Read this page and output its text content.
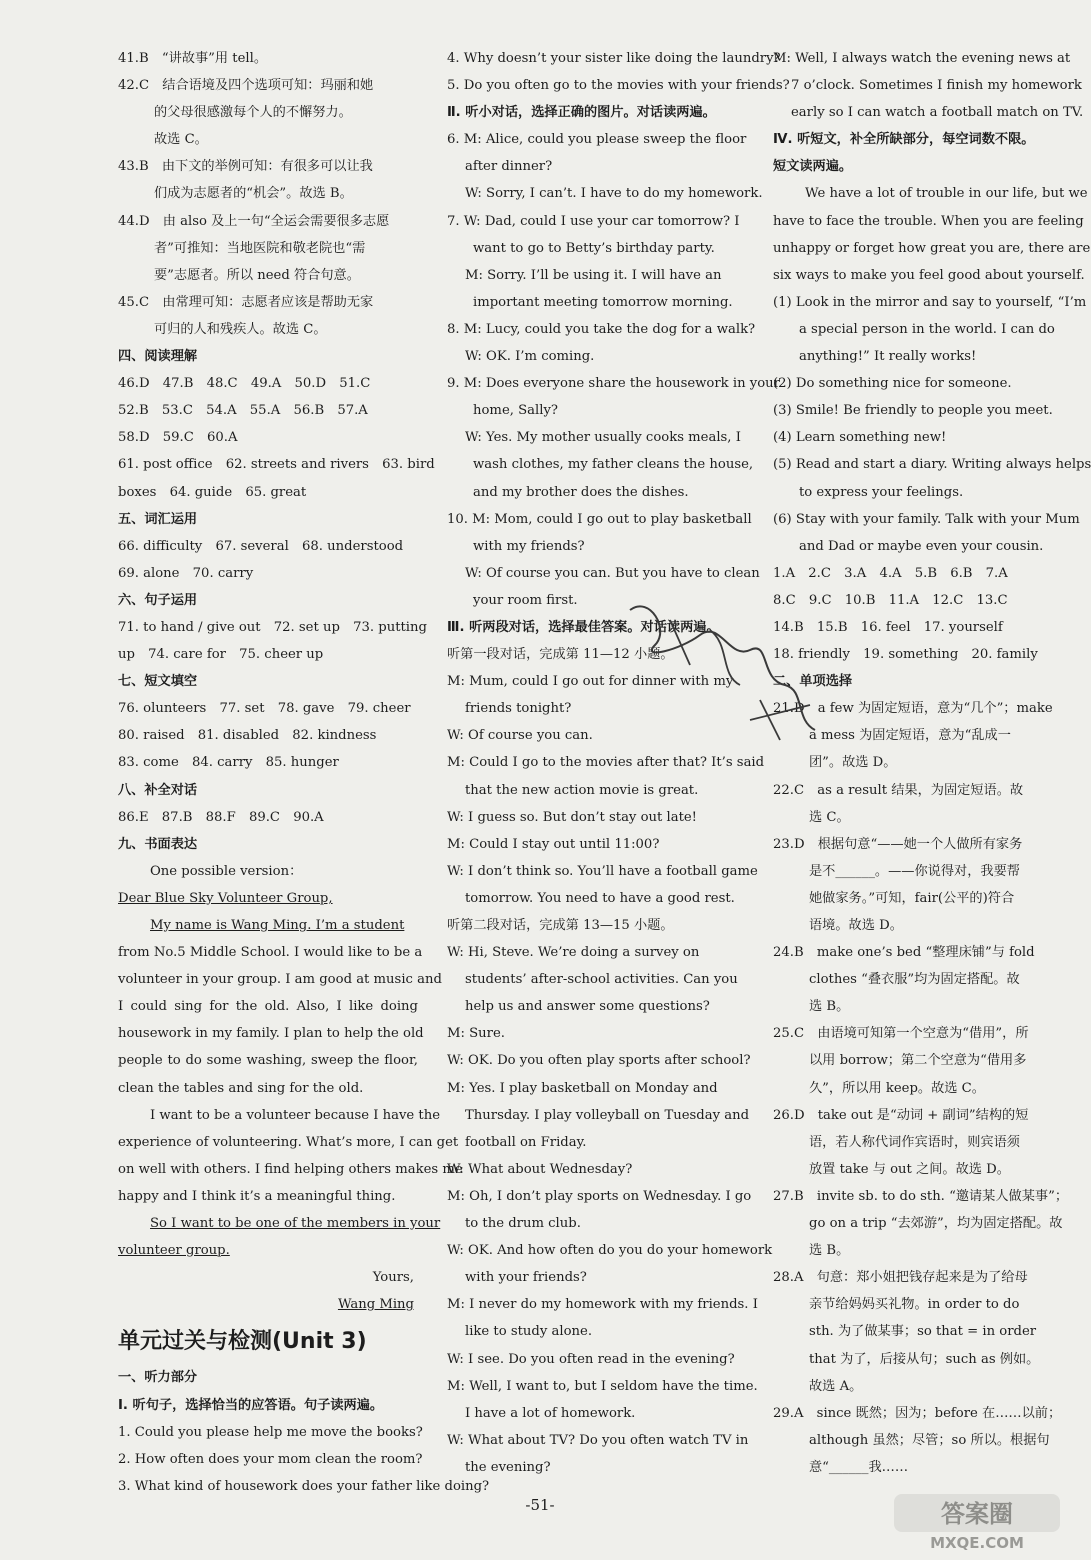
41.B　“讲故事”用 tell。
42.C　结合语境及四个选项可知：玛丽和她
的父母很感激每个人的不懈努力。
故选 C。
43.B　由下文的举例可知：有很多可以让我
们成为志愿者的“机会”。故选 B。
44.D　由 also 及上一句“全运会需要很多志愿
者”可推知：当地医院和敬老院也“需
要”志愿者。所以 need 符合句意。
45.C　由常理可知：志愿者应该是帮助无家
可归的人和残疾人。故选 C。
四、阅读理解
46.D　47.B　48.C　49.A　50.D　51.C
52.B　53.C　54.A　55.A　56.B　57.A
58.D　59.C　60.A
61. post office　62. streets and rivers　63. bird
boxes　64. guide　65. great
五、词汇运用
66. difficulty　67. several　68. understood
69. alone　70. carry
六、句子运用
71. to hand / give out　72. set up　73. putting
up　74. care for　75. cheer up
七、短文填空
76. olunteers　77. set　78. gave　79. cheer
80. raised　81. disabled　82. kindness
83. come　84. carry　85. hunger
八、补全对话
86.E　87.B　88.F　89.C　90.A
九、书面表达
One possible version：
Dear Blue Sky Volunteer Group,
My name is Wang Ming. I’m a student
from No.5 Middle School. I would like to be a
volunteer in your group. I am good at music and
I could sing for the old. Also, I like doing
housework in my family. I plan to help the old
people to do some washing, sweep the floor,
clean the tables and sing for the old.
I want to be a volunteer because I have the
experience of volunteering. What’s more, I can get
on well with others. I find helping others makes me
happy and I think it’s a meaningful thing.
So I want to be one of the members in your
volunteer group.
Yours,
Wang Ming
单元过关与检测(Unit 3)
一、听力部分
Ⅰ. 听句子，选择恰当的应答语。句子读两遍。
1. Could you please help me move the books?
2. How often does your mom clean the room?
3. What kind of housework does your father like doing?
4. Why doesn’t your sister like doing the laundry?
5. Do you often go to the movies with your friends?
Ⅱ. 听小对话，选择正确的图片。对话读两遍。
6. M: Alice, could you please sweep the floor
after dinner?
W: Sorry, I can’t. I have to do my homework.
7. W: Dad, could I use your car tomorrow? I
want to go to Betty’s birthday party.
M: Sorry. I’ll be using it. I will have an
important meeting tomorrow morning.
8. M: Lucy, could you take the dog for a walk?
W: OK. I’m coming.
9. M: Does everyone share the housework in your
home, Sally?
W: Yes. My mother usually cooks meals, I
wash clothes, my father cleans the house,
and my brother does the dishes.
10. M: Mom, could I go out to play basketball
with my friends?
W: Of course you can. But you have to clean
your room first.
Ⅲ. 听两段对话，选择最佳答案。对话读两遍。
听第一段对话，完成第 11—12 小题。
M: Mum, could I go out for dinner with my
friends tonight?
W: Of course you can.
M: Could I go to the movies after that? It’s said
that the new action movie is great.
W: I guess so. But don’t stay out late!
M: Could I stay out until 11:00?
W: I don’t think so. You’ll have a football game
tomorrow. You need to have a good rest.
听第二段对话，完成第 13—15 小题。
W: Hi, Steve. We’re doing a survey on
students’ after-school activities. Can you
help us and answer some questions?
M: Sure.
W: OK. Do you often play sports after school?
M: Yes. I play basketball on Monday and
Thursday. I play volleyball on Tuesday and
football on Friday.
W: What about Wednesday?
M: Oh, I don’t play sports on Wednesday. I go
to the drum club.
W: OK. And how often do you do your homework
with your friends?
M: I never do my homework with my friends. I
like to study alone.
W: I see. Do you often read in the evening?
M: Well, I want to, but I seldom have the time.
I have a lot of homework.
W: What about TV? Do you often watch TV in
the evening?
M: Well, I always watch the evening news at
7 o’clock. Sometimes I finish my homework
early so I can watch a football match on TV.
Ⅳ. 听短文，补全所缺部分，每空词数不限。
短文读两遍。
We have a lot of trouble in our life, but we
have to face the trouble. When you are feeling
unhappy or forget how great you are, there are
six ways to make you feel good about yourself.
(1) Look in the mirror and say to yourself, “I’m
a special person in the world. I can do
anything!” It really works!
(2) Do something nice for someone.
(3) Smile! Be friendly to people you meet.
(4) Learn something new!
(5) Read and start a diary. Writing always helps
to express your feelings.
(6) Stay with your family. Talk with your Mum
and Dad or maybe even your cousin.
1.A　2.C　3.A　4.A　5.B　6.B　7.A
8.C　9.C　10.B　11.A　12.C　13.C
14.B　15.B　16. feel　17. yourself
18. friendly　19. something　20. family
二、单项选择
21.D　a few 为固定短语，意为“几个”；make
a mess 为固定短语，意为“乱成一
团”。故选 D。
22.C　as a result 结果，为固定短语。故
选 C。
23.D　根据句意“——她一个人做所有家务
是不______。——你说得对，我要帮
她做家务。”可知，fair(公平的)符合
语境。故选 D。
24.B　make one’s bed “整理床铺”与 fold
clothes “叠衣服”均为固定搭配。故
选 B。
25.C　由语境可知第一个空意为“借用”，所
以用 borrow；第二个空意为“借用多
久”，所以用 keep。故选 C。
26.D　take out 是“动词 + 副词”结构的短
语，若人称代词作宾语时，则宾语须
放置 take 与 out 之间。故选 D。
27.B　invite sb. to do sth. “邀请某人做某事”；
go on a trip “去郊游”，均为固定搭配。故
选 B。
28.A　句意：郑小姐把钱存起来是为了给母
亲节给妈妈买礼物。in order to do
sth. 为了做某事；so that = in order
that 为了，后接从句；such as 例如。
故选 A。
29.A　since 既然；因为；before 在……以前；
although 虽然；尽管；so 所以。根据句
意“______我……
-51-	答案圈
MXQE.COM
